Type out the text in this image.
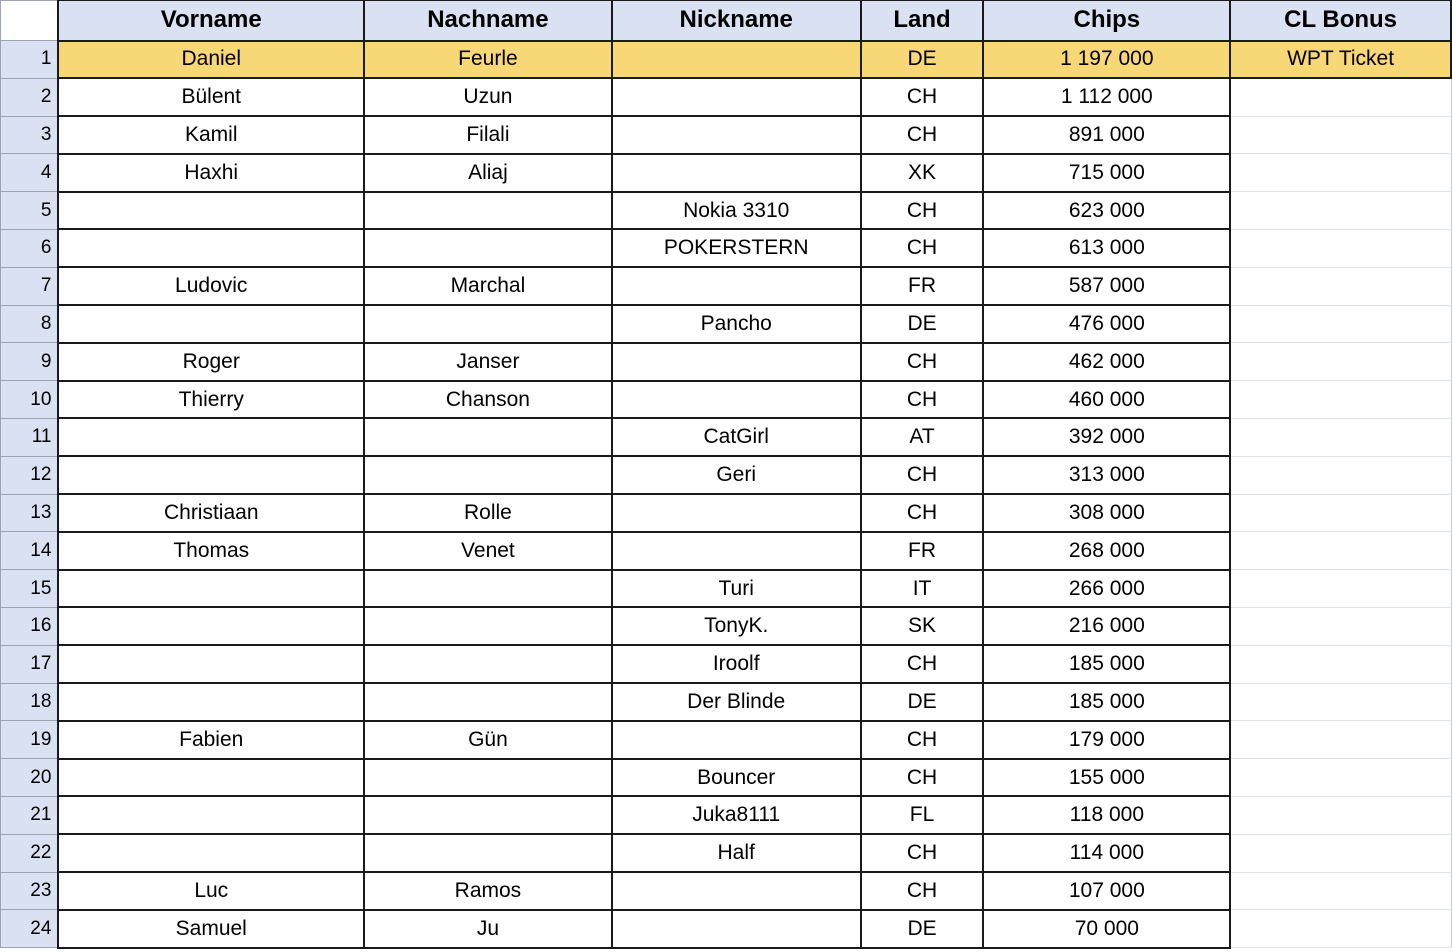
	Vorname	Nachname	Nickname	Land	Chips	CL Bonus
1	Daniel	Feurle		DE	1 197 000	WPT Ticket
2	Bülent	Uzun		CH	1 112 000	
3	Kamil	Filali		CH	891 000	
4	Haxhi	Aliaj		XK	715 000	
5			Nokia 3310	CH	623 000	
6			POKERSTERN	CH	613 000	
7	Ludovic	Marchal		FR	587 000	
8			Pancho	DE	476 000	
9	Roger	Janser		CH	462 000	
10	Thierry	Chanson		CH	460 000	
11			CatGirl	AT	392 000	
12			Geri	CH	313 000	
13	Christiaan	Rolle		CH	308 000	
14	Thomas	Venet		FR	268 000	
15			Turi	IT	266 000	
16			TonyK.	SK	216 000	
17			Iroolf	CH	185 000	
18			Der Blinde	DE	185 000	
19	Fabien	Gün		CH	179 000	
20			Bouncer	CH	155 000	
21			Juka8111	FL	118 000	
22			Half	CH	114 000	
23	Luc	Ramos		CH	107 000	
24	Samuel	Ju		DE	70 000	
